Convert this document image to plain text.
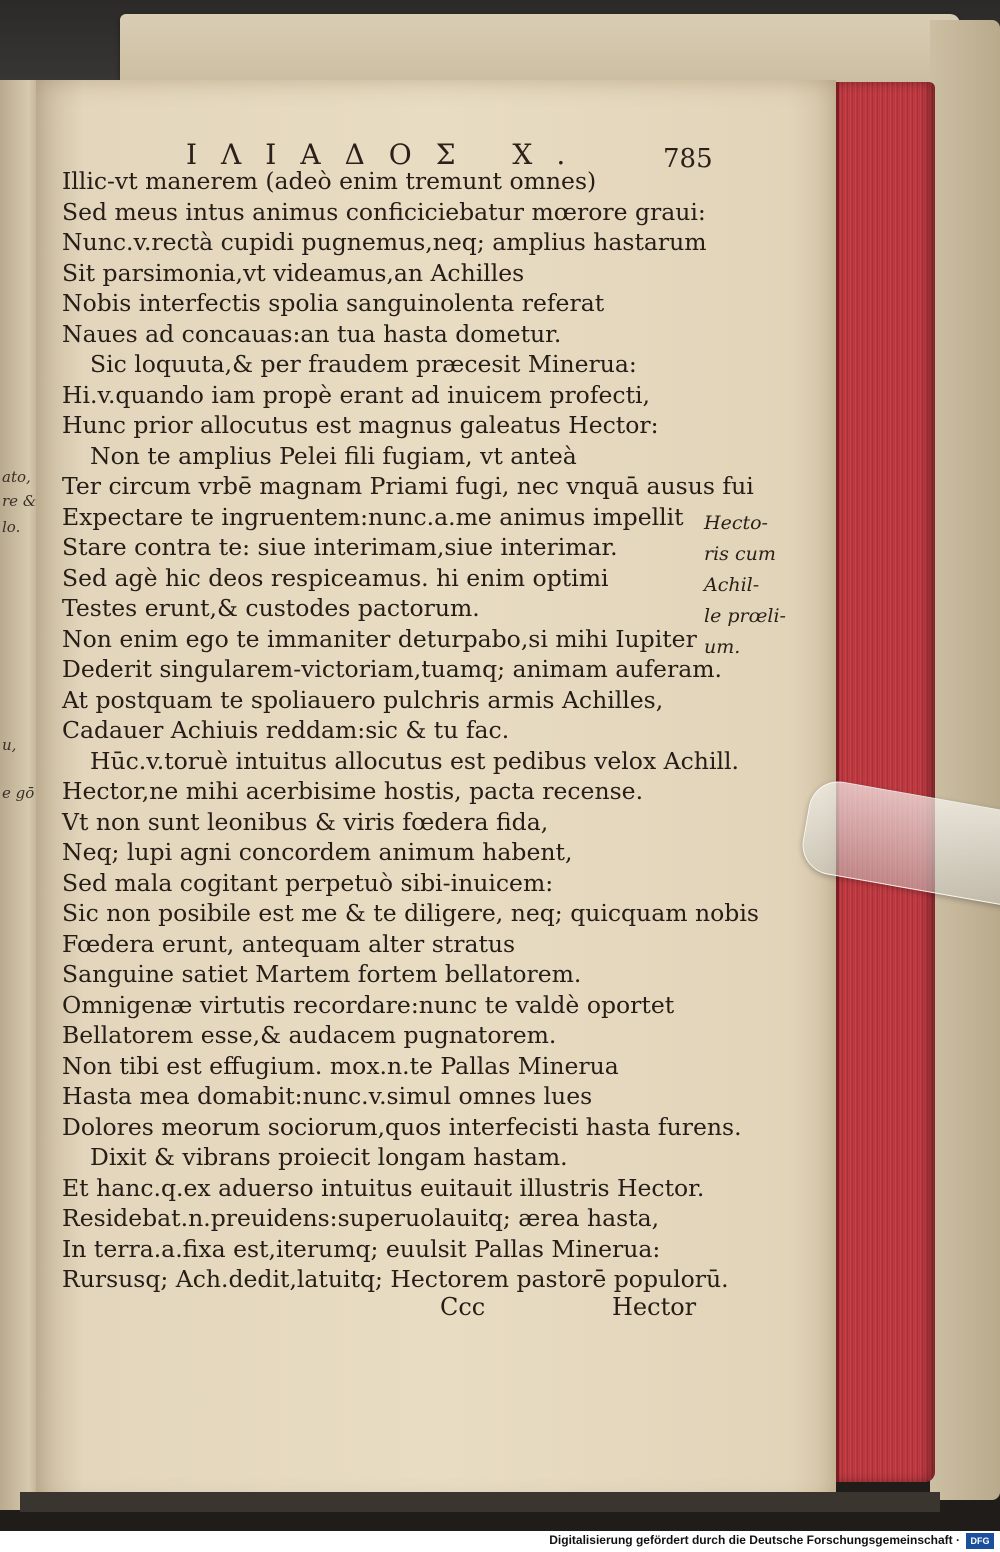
ato,
re &
lo.
u,
e gō
ΙΛΙΑΔΟΣ Χ.	785
Illic-vt manerem (adeò enim tremunt omnes)
Sed meus intus animus conficiciebatur mœrore graui:
Nunc.v.rectà cupidi pugnemus,neq; amplius hastarum
Sit parsimonia,vt videamus,an Achilles
Nobis interfectis spolia sanguinolenta referat
Naues ad concauas:an tua hasta dometur.
Sic loquuta,& per fraudem præcesit Minerua:
Hi.v.quando iam propè erant ad inuicem profecti,
Hunc prior allocutus est magnus galeatus Hector:
Non te amplius Pelei fili fugiam, vt anteà
Ter circum vrbē magnam Priami fugi, nec vnquā ausus fui
Expectare te ingruentem:nunc.a.me animus impellit
Stare contra te: siue interimam,siue interimar.
Sed agè hic deos respiceamus. hi enim optimi
Testes erunt,& custodes pactorum.
Non enim ego te immaniter deturpabo,si mihi Iupiter
Dederit singularem-victoriam,tuamq; animam auferam.
At postquam te spoliauero pulchris armis Achilles,
Cadauer Achiuis reddam:sic & tu fac.
Hūc.v.toruè intuitus allocutus est pedibus velox Achill.
Hector,ne mihi acerbisime hostis, pacta recense.
Vt non sunt leonibus & viris fœdera fida,
Neq; lupi agni concordem animum habent,
Sed mala cogitant perpetuò sibi-inuicem:
Sic non posibile est me & te diligere, neq; quicquam nobis
Fœdera erunt, antequam alter stratus
Sanguine satiet Martem fortem bellatorem.
Omnigenæ virtutis recordare:nunc te valdè oportet
Bellatorem esse,& audacem pugnatorem.
Non tibi est effugium. mox.n.te Pallas Minerua
Hasta mea domabit:nunc.v.simul omnes lues
Dolores meorum sociorum,quos interfecisti hasta furens.
Dixit & vibrans proiecit longam hastam.
Et hanc.q.ex aduerso intuitus euitauit illustris Hector.
Residebat.n.preuidens:superuolauitq; ærea hasta,
In terra.a.fixa est,iterumq; euulsit Pallas Minerua:
Rursusq; Ach.dedit,latuitq; Hectorem pastorē populorū.
Hecto-
ris cum
Achil-
le prœli-
um.
Ccc	Hector
Digitalisierung gefördert durch die Deutsche Forschungsgemeinschaft ·	DFG
